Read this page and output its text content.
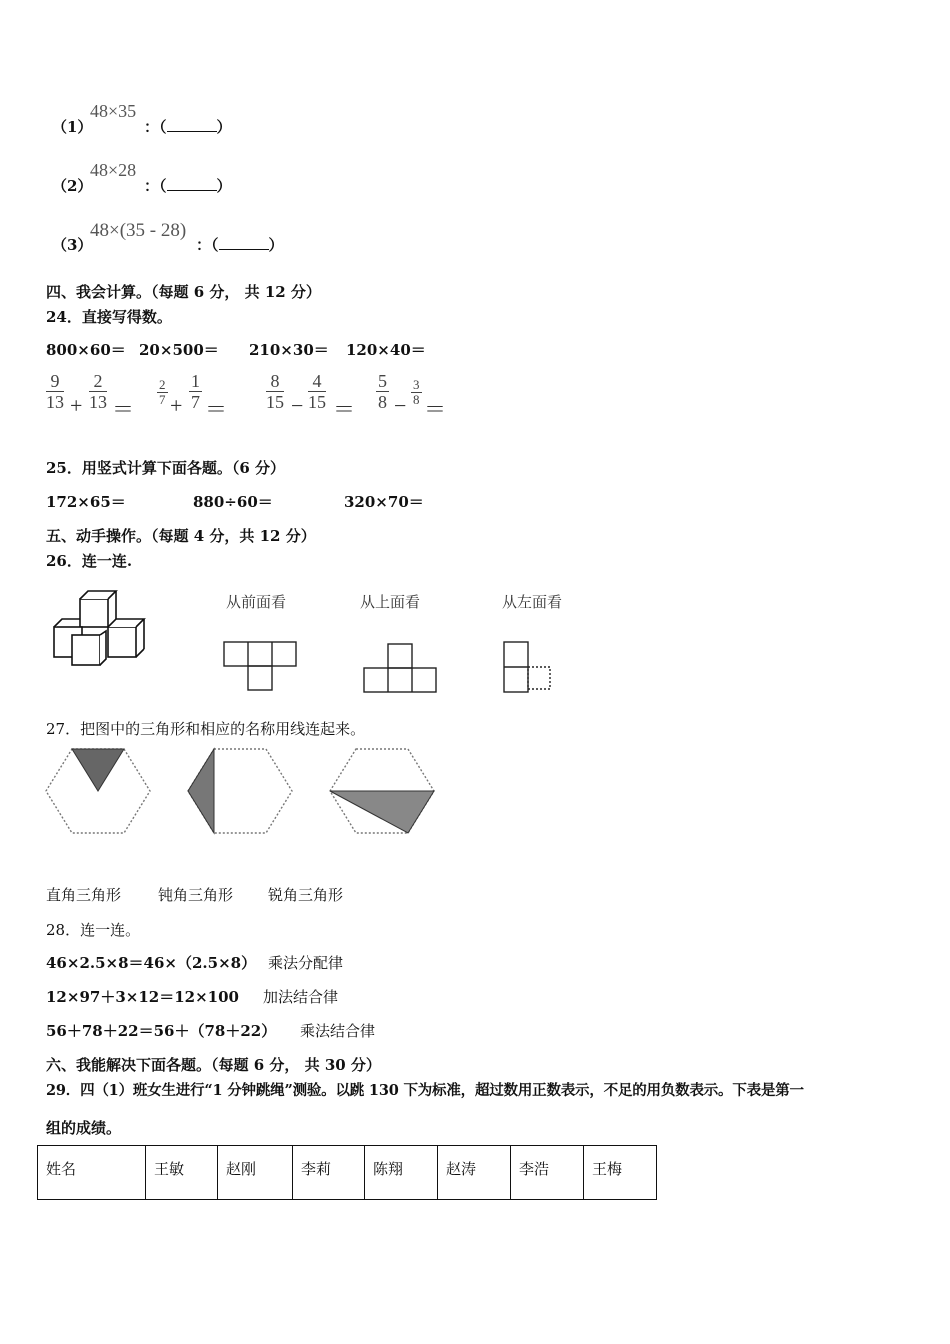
（1）
48×35
：（	）
（2）
48×28
：（	）
（3）
48×(35 - 28)
：（	）
四、我会计算。（每题 6 分， 共 12 分）
24．直接写得数。
800×60＝ 20×500＝ 210×30＝ 120×40＝
$\frac{9}{13} + \frac{2}{13}$ ＝
$\frac{2}{7} + \frac{1}{7} = \frac{8}{15} - \frac{4}{15} = \frac{5}{8} - \frac{3}{8}$
＝
25．用竖式计算下面各题。（6 分）
172×65＝	880÷60＝	320×70＝
五、动手操作。（每题 4 分，共 12 分）
26．连一连.
从前面看	从上面看	从左面看
27．把图中的三角形和相应的名称用线连起来。
直角三角形 钝角三角形 锐角三角形
28．连一连。
46×2.5×8＝46×（2.5×8） 乘法分配律
12×97＋3×12＝12×100 加法结合律
56＋78＋22＝56＋（78＋22） 乘法结合律
六、我能解决下面各题。（每题 6 分， 共 30 分）
29．四（1）班女生进行“1 分钟跳绳”测验。以跳 130 下为标准，超过数用正数表示，不足的用负数表示。下表是第一
组的成绩。
姓名	王敏	赵刚	李莉	陈翔	赵涛	李浩	王梅
